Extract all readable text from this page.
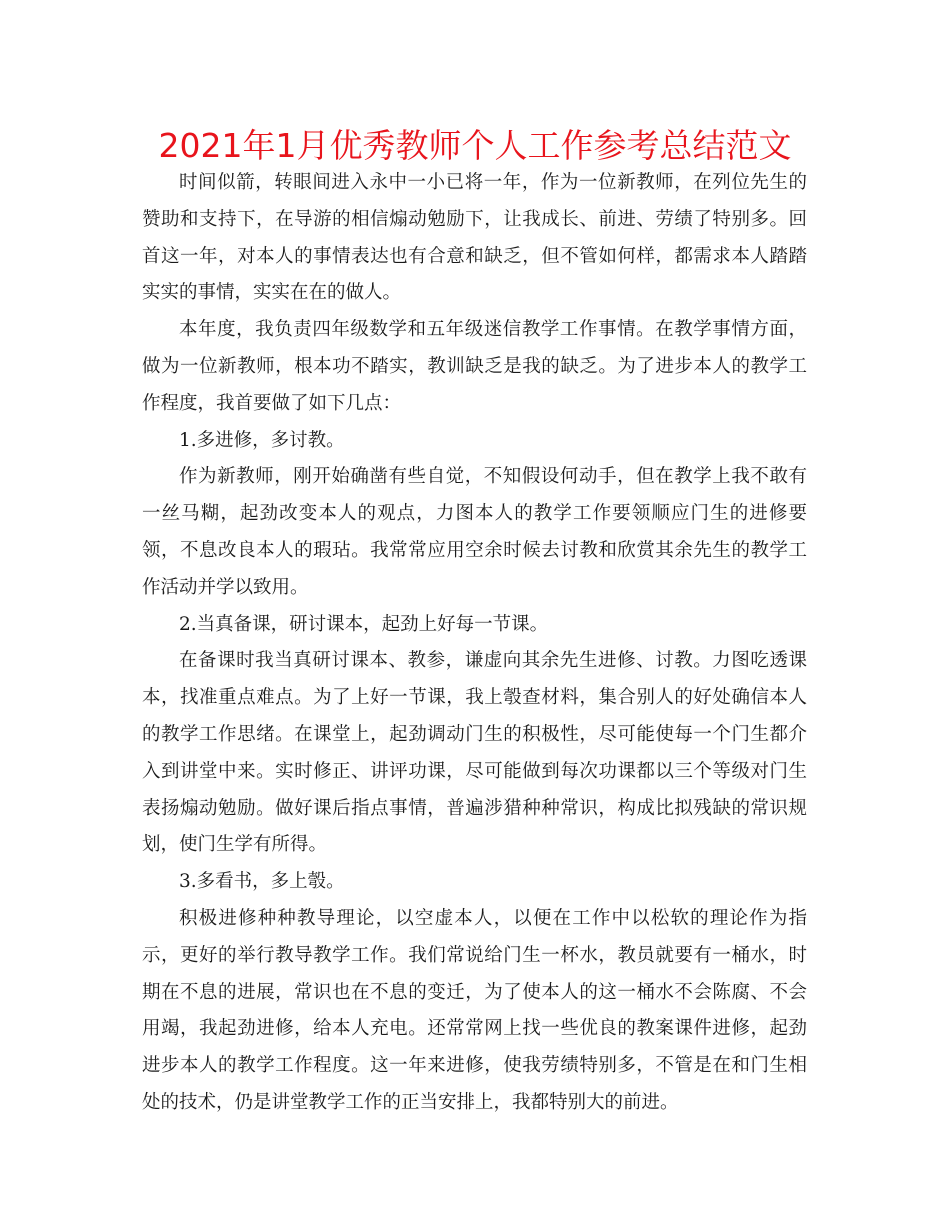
2021年1月优秀教师个人工作参考总结范文

时间似箭，转眼间进入永中一小已将一年，作为一位新教师，在列位先生的赞助和支持下，在导游的相信煽动勉励下，让我成长、前进、劳绩了特别多。回首这一年，对本人的事情表达也有合意和缺乏，但不管如何样，都需求本人踏踏实实的事情，实实在在的做人。

本年度，我负责四年级数学和五年级迷信教学工作事情。在教学事情方面，做为一位新教师，根本功不踏实，教训缺乏是我的缺乏。为了进步本人的教学工作程度，我首要做了如下几点：

1.多进修，多讨教。

作为新教师，刚开始确凿有些自觉，不知假设何动手，但在教学上我不敢有一丝马糊，起劲改变本人的观点，力图本人的教学工作要领顺应门生的进修要领，不息改良本人的瑕玷。我常常应用空余时候去讨教和欣赏其余先生的教学工作活动并学以致用。

2.当真备课，研讨课本，起劲上好每一节课。

在备课时我当真研讨课本、教参，谦虚向其余先生进修、讨教。力图吃透课本，找准重点难点。为了上好一节课，我上彀查材料，集合别人的好处确信本人的教学工作思绪。在课堂上，起劲调动门生的积极性，尽可能使每一个门生都介入到讲堂中来。实时修正、讲评功课，尽可能做到每次功课都以三个等级对门生表扬煽动勉励。做好课后指点事情，普遍涉猎种种常识，构成比拟残缺的常识规划，使门生学有所得。

3.多看书，多上彀。

积极进修种种教导理论，以空虚本人，以便在工作中以松软的理论作为指示，更好的举行教导教学工作。我们常说给门生一杯水，教员就要有一桶水，时期在不息的进展，常识也在不息的变迁，为了使本人的这一桶水不会陈腐、不会用竭，我起劲进修，给本人充电。还常常网上找一些优良的教案课件进修，起劲进步本人的教学工作程度。这一年来进修，使我劳绩特别多，不管是在和门生相处的技术，仍是讲堂教学工作的正当安排上，我都特别大的前进。
